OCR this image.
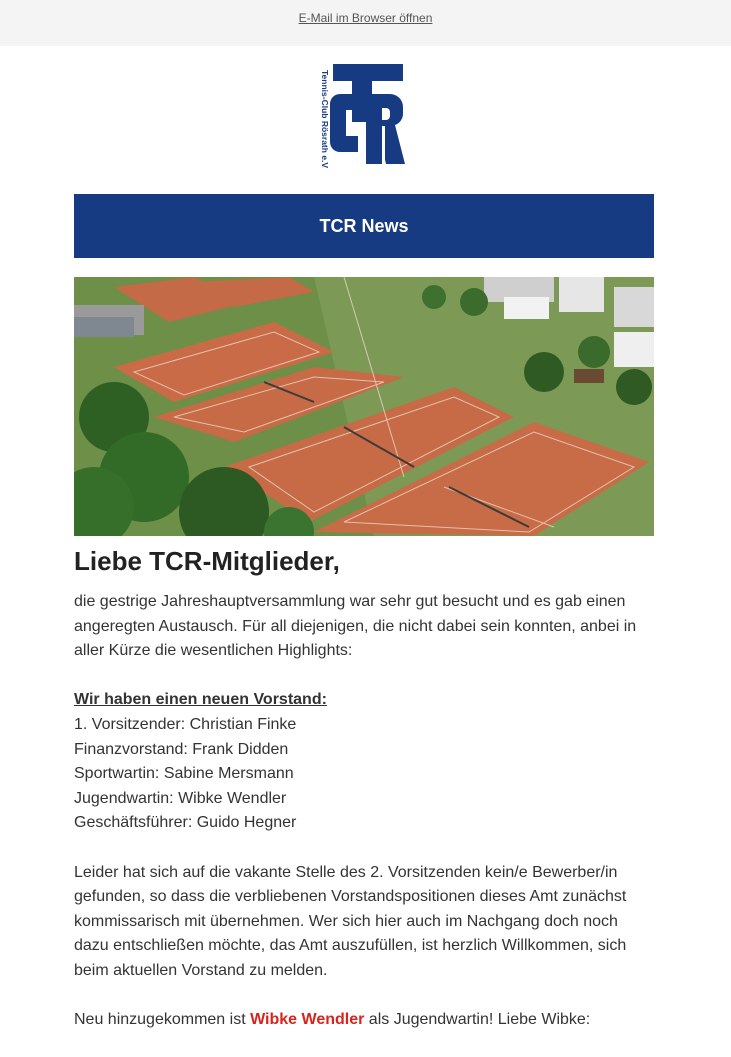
E-Mail im Browser öffnen
Tennis-Club Rösrath e.V.
TCR News
Liebe TCR-Mitglieder,

die gestrige Jahreshauptversammlung war sehr gut besucht und es gab einen angeregten Austausch. Für all diejenigen, die nicht dabei sein konnten, anbei in aller Kürze die wesentlichen Highlights:

Wir haben einen neuen Vorstand:
1. Vorsitzender: Christian Finke
Finanzvorstand: Frank Didden
Sportwartin: Sabine Mersmann
Jugendwartin: Wibke Wendler
Geschäftsführer: Guido Hegner

Leider hat sich auf die vakante Stelle des 2. Vorsitzenden kein/e Bewerber/in gefunden, so dass die verbliebenen Vorstandspositionen dieses Amt zunächst kommissarisch mit übernehmen. Wer sich hier auch im Nachgang doch noch dazu entschließen möchte, das Amt auszufüllen, ist herzlich Willkommen, sich beim aktuellen Vorstand zu melden.

Neu hinzugekommen ist Wibke Wendler als Jugendwartin! Liebe Wibke:
